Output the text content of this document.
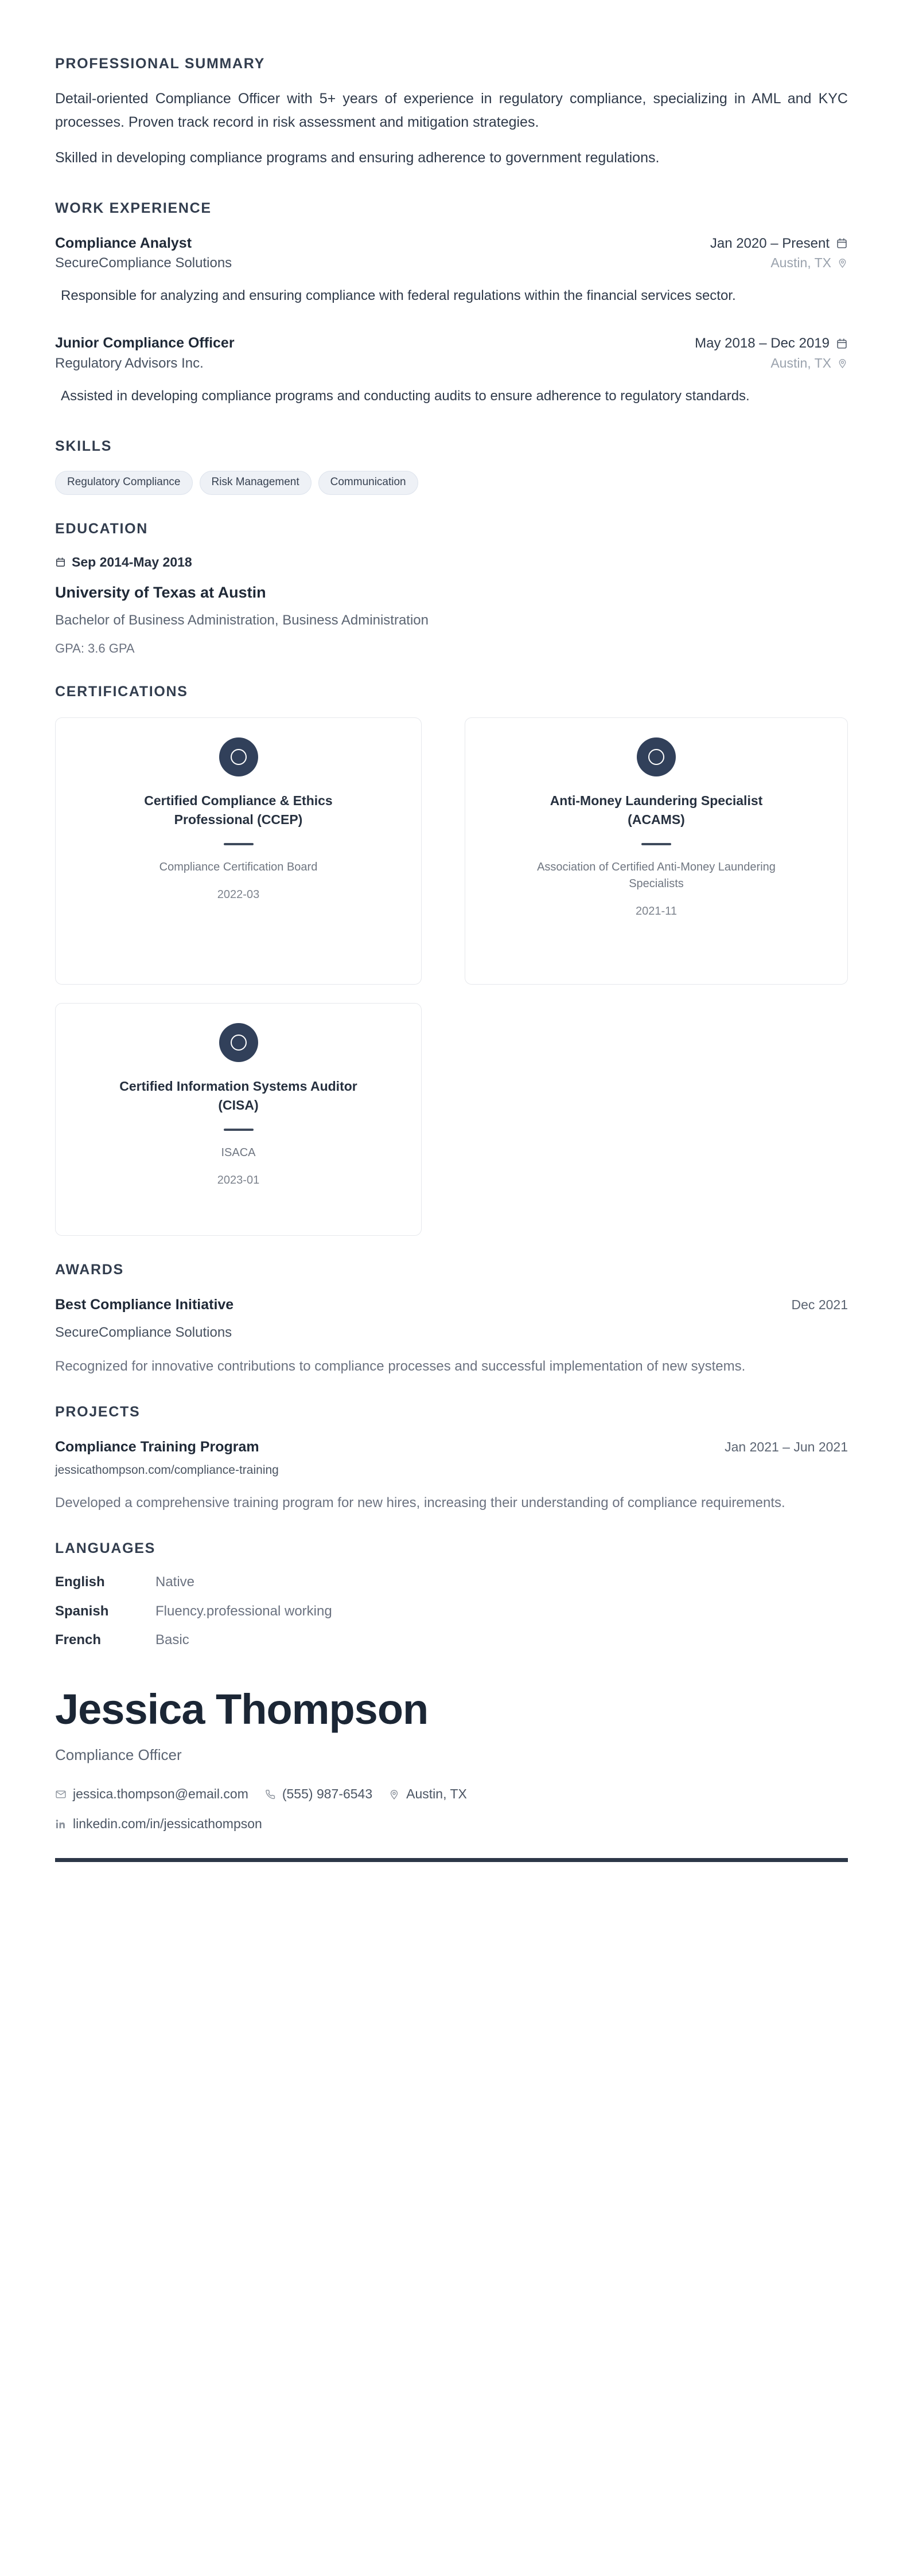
PROFESSIONAL SUMMARY

Detail-oriented Compliance Officer with 5+ years of experience in regulatory compliance, specializing in AML and KYC processes. Proven track record in risk assessment and mitigation strategies.

Skilled in developing compliance programs and ensuring adherence to government regulations.

WORK EXPERIENCE
Compliance Analyst	Jan 2020 – Present
SecureCompliance Solutions	Austin, TX

Responsible for analyzing and ensuring compliance with federal regulations within the financial services sector.

Junior Compliance Officer	May 2018 – Dec 2019
Regulatory Advisors Inc.	Austin, TX

Assisted in developing compliance programs and conducting audits to ensure adherence to regulatory standards.

SKILLS
Regulatory Compliance	Risk Management	Communication
EDUCATION
Sep 2014-May 2018
University of Texas at Austin
Bachelor of Business Administration, Business Administration
GPA: 3.6 GPA
CERTIFICATIONS
Certified Compliance & Ethics Professional (CCEP)
Compliance Certification Board
2022-03
Anti-Money Laundering Specialist (ACAMS)
Association of Certified Anti-Money Laundering Specialists
2021-11
Certified Information Systems Auditor (CISA)
ISACA
2023-01
AWARDS
Best Compliance Initiative	Dec 2021
SecureCompliance Solutions

Recognized for innovative contributions to compliance processes and successful implementation of new systems.

PROJECTS
Compliance Training Program	Jan 2021 – Jun 2021
jessicathompson.com/compliance-training

Developed a comprehensive training program for new hires, increasing their understanding of compliance requirements.

LANGUAGES
English	Native
Spanish	Fluency.professional working
French	Basic
Jessica Thompson
Compliance Officer
jessica.thompson@email.com	(555) 987-6543	Austin, TX
linkedin.com/in/jessicathompson
